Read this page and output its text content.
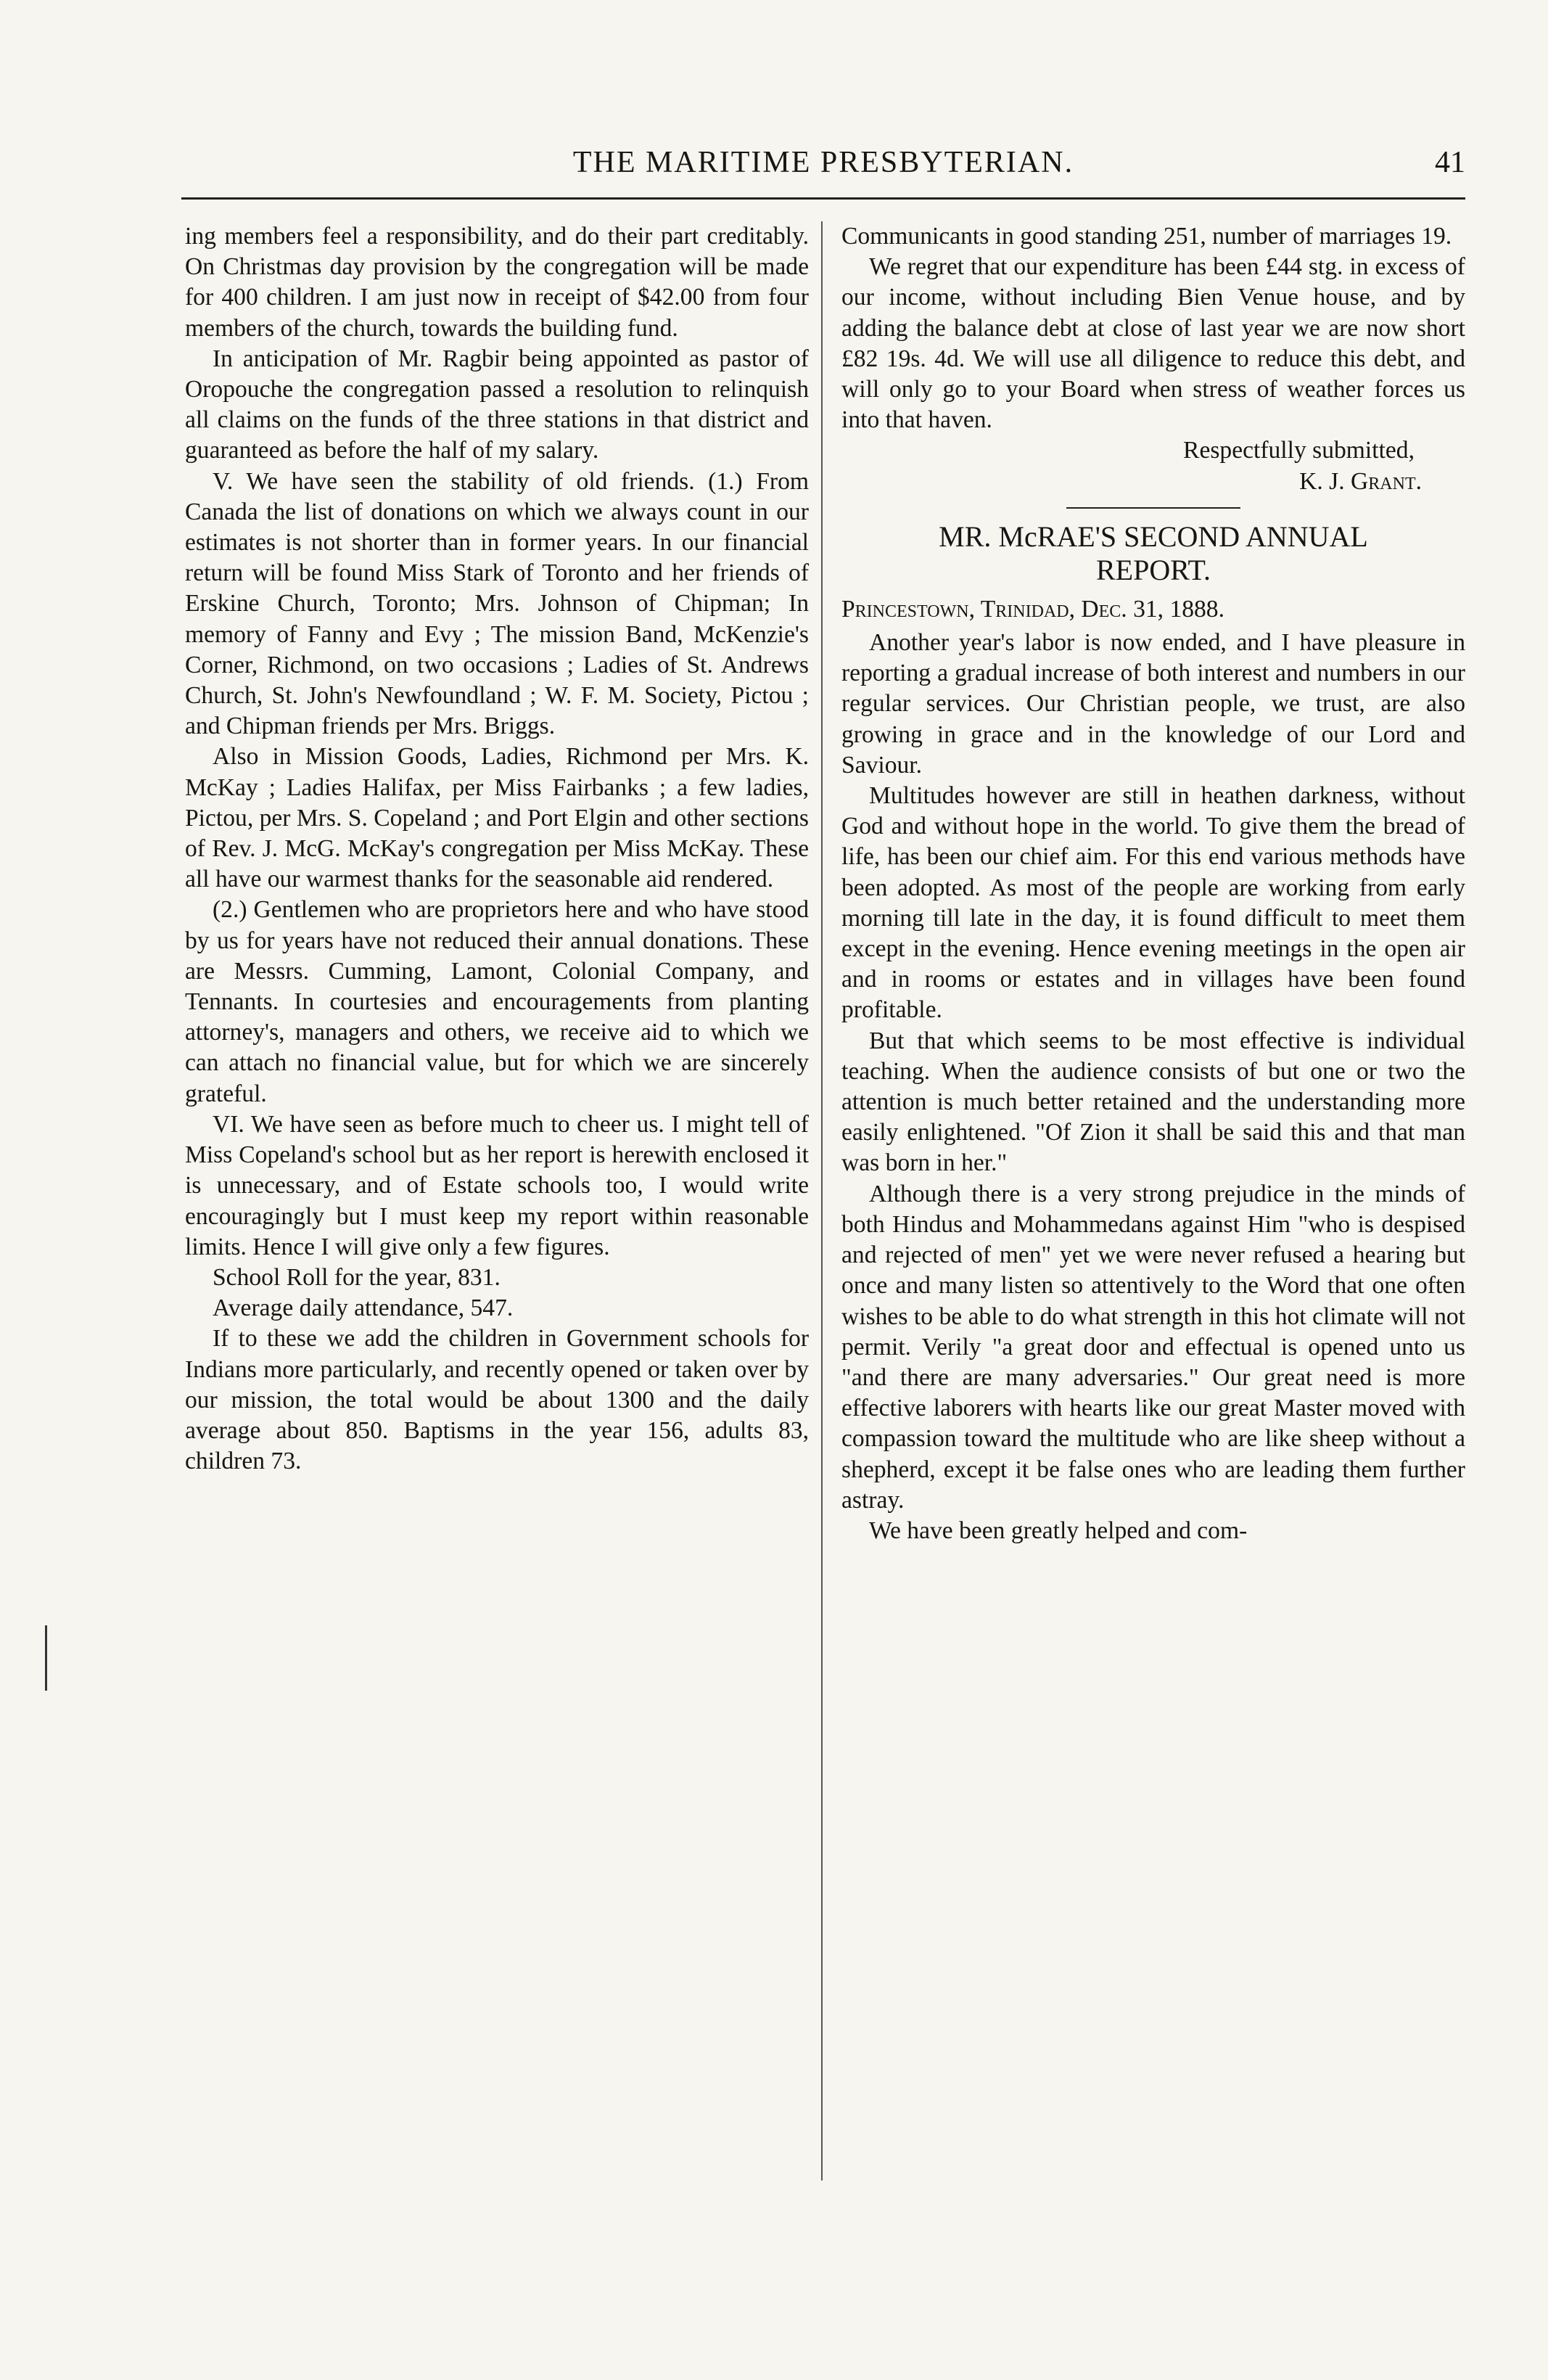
THE MARITIME PRESBYTERIAN.	41

ing members feel a responsibility, and do their part creditably. On Christmas day provision by the congregation will be made for 400 children. I am just now in receipt of $42.00 from four members of the church, towards the building fund.

In anticipation of Mr. Ragbir being appointed as pastor of Oropouche the congregation passed a resolution to relinquish all claims on the funds of the three stations in that district and guaranteed as before the half of my salary.

V. We have seen the stability of old friends. (1.) From Canada the list of donations on which we always count in our estimates is not shorter than in former years. In our financial return will be found Miss Stark of Toronto and her friends of Erskine Church, Toronto; Mrs. Johnson of Chipman; In memory of Fanny and Evy ; The mission Band, McKenzie's Corner, Richmond, on two occasions ; Ladies of St. Andrews Church, St. John's Newfoundland ; W. F. M. Society, Pictou ; and Chipman friends per Mrs. Briggs.

Also in Mission Goods, Ladies, Richmond per Mrs. K. McKay ; Ladies Halifax, per Miss Fairbanks ; a few ladies, Pictou, per Mrs. S. Copeland ; and Port Elgin and other sections of Rev. J. McG. McKay's congregation per Miss McKay. These all have our warmest thanks for the seasonable aid rendered.

(2.) Gentlemen who are proprietors here and who have stood by us for years have not reduced their annual donations. These are Messrs. Cumming, Lamont, Colonial Company, and Tennants. In courtesies and encouragements from planting attorney's, managers and others, we receive aid to which we can attach no financial value, but for which we are sincerely grateful.

VI. We have seen as before much to cheer us. I might tell of Miss Copeland's school but as her report is herewith enclosed it is unnecessary, and of Estate schools too, I would write encouragingly but I must keep my report within reasonable limits. Hence I will give only a few figures.

School Roll for the year, 831.

Average daily attendance, 547.

If to these we add the children in Government schools for Indians more particularly, and recently opened or taken over by our mission, the total would be about 1300 and the daily average about 850. Baptisms in the year 156, adults 83, children 73.

Communicants in good standing 251, number of marriages 19.

We regret that our expenditure has been £44 stg. in excess of our income, without including Bien Venue house, and by adding the balance debt at close of last year we are now short £82 19s. 4d. We will use all diligence to reduce this debt, and will only go to your Board when stress of weather forces us into that haven.

Respectfully submitted,

K. J. Grant.

MR. McRAE'S SECOND ANNUAL
REPORT.

Princestown, Trinidad, Dec. 31, 1888.

Another year's labor is now ended, and I have pleasure in reporting a gradual increase of both interest and numbers in our regular services. Our Christian people, we trust, are also growing in grace and in the knowledge of our Lord and Saviour.

Multitudes however are still in heathen darkness, without God and without hope in the world. To give them the bread of life, has been our chief aim. For this end various methods have been adopted. As most of the people are working from early morning till late in the day, it is found difficult to meet them except in the evening. Hence evening meetings in the open air and in rooms or estates and in villages have been found profitable.

But that which seems to be most effective is individual teaching. When the audience consists of but one or two the attention is much better retained and the understanding more easily enlightened. "Of Zion it shall be said this and that man was born in her."

Although there is a very strong prejudice in the minds of both Hindus and Mohammedans against Him "who is despised and rejected of men" yet we were never refused a hearing but once and many listen so attentively to the Word that one often wishes to be able to do what strength in this hot climate will not permit. Verily "a great door and effectual is opened unto us "and there are many adversaries." Our great need is more effective laborers with hearts like our great Master moved with compassion toward the multitude who are like sheep without a shepherd, except it be false ones who are leading them further astray.

We have been greatly helped and com-
